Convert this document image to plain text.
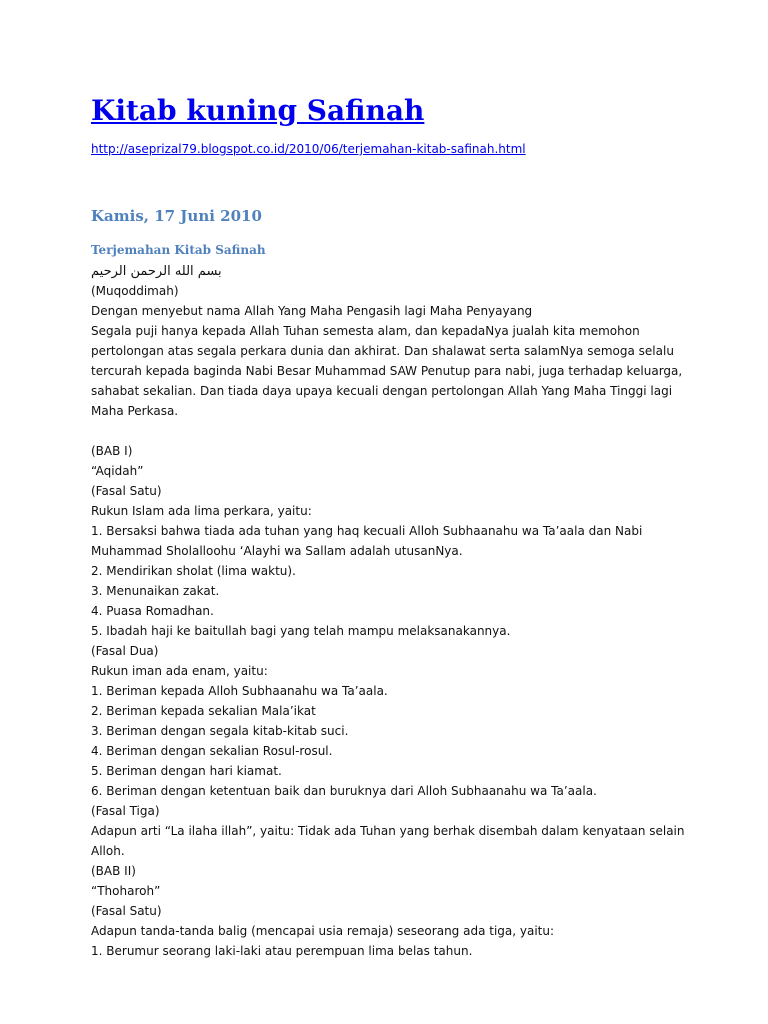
Kitab kuning Safinah
http://aseprizal79.blogspot.co.id/2010/06/terjemahan-kitab-safinah.html
Kamis, 17 Juni 2010
Terjemahan Kitab Safinah
بسم الله الرحمن الرحيم
(Muqoddimah)
Dengan menyebut nama Allah Yang Maha Pengasih lagi Maha Penyayang
Segala puji hanya kepada Allah Tuhan semesta alam, dan kepadaNya jualah kita memohon pertolongan atas segala perkara dunia dan akhirat. Dan shalawat serta salamNya semoga selalu tercurah kepada baginda Nabi Besar Muhammad SAW Penutup para nabi, juga terhadap keluarga, sahabat sekalian. Dan tiada daya upaya kecuali dengan pertolongan Allah Yang Maha Tinggi lagi Maha Perkasa.
(BAB I)
“Aqidah”
(Fasal Satu)
Rukun Islam ada lima perkara, yaitu:
1. Bersaksi bahwa tiada ada tuhan yang haq kecuali Alloh Subhaanahu wa Ta’aala dan Nabi Muhammad Sholalloohu ‘Alayhi wa Sallam adalah utusanNya.
2. Mendirikan sholat (lima waktu).
3. Menunaikan zakat.
4. Puasa Romadhan.
5. Ibadah haji ke baitullah bagi yang telah mampu melaksanakannya.
(Fasal Dua)
Rukun iman ada enam, yaitu:
1. Beriman kepada Alloh Subhaanahu wa Ta’aala.
2. Beriman kepada sekalian Mala’ikat
3. Beriman dengan segala kitab-kitab suci.
4. Beriman dengan sekalian Rosul-rosul.
5. Beriman dengan hari kiamat.
6. Beriman dengan ketentuan baik dan buruknya dari Alloh Subhaanahu wa Ta’aala.
(Fasal Tiga)
Adapun arti “La ilaha illah”, yaitu: Tidak ada Tuhan yang berhak disembah dalam kenyataan selain Alloh.
(BAB II)
“Thoharoh”
(Fasal Satu)
Adapun tanda-tanda balig (mencapai usia remaja) seseorang ada tiga, yaitu:
1. Berumur seorang laki-laki atau perempuan lima belas tahun.
